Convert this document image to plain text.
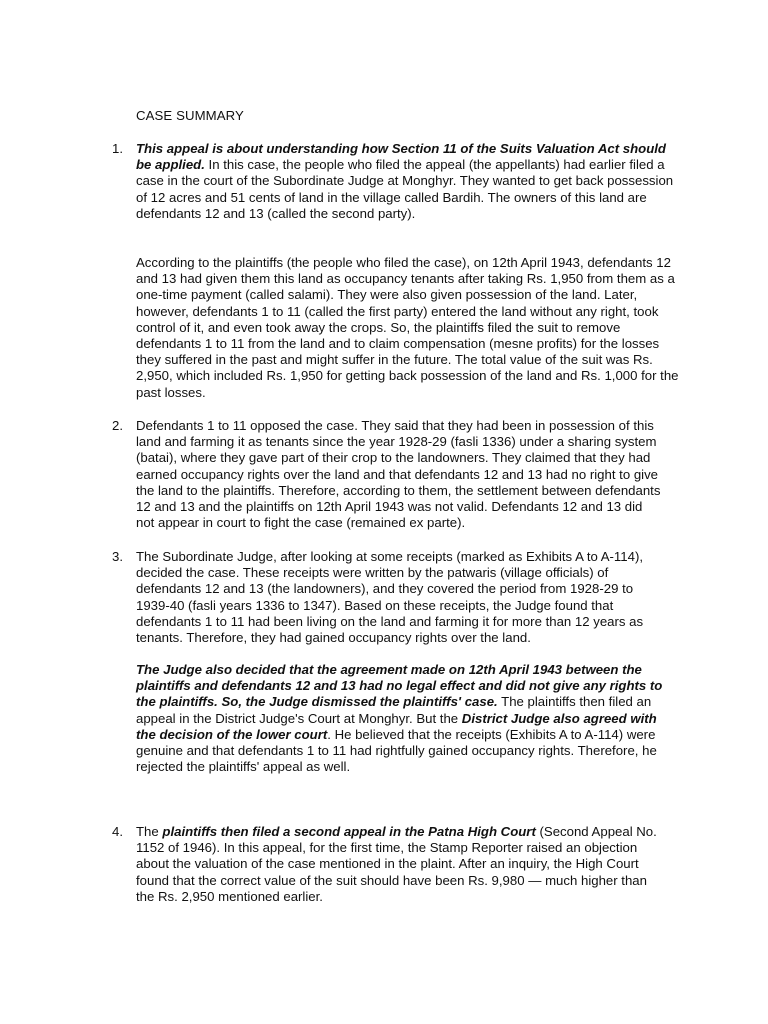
CASE SUMMARY
1. This appeal is about understanding how Section 11 of the Suits Valuation Act should be applied. In this case, the people who filed the appeal (the appellants) had earlier filed a case in the court of the Subordinate Judge at Monghyr. They wanted to get back possession of 12 acres and 51 cents of land in the village called Bardih. The owners of this land are defendants 12 and 13 (called the second party).
According to the plaintiffs (the people who filed the case), on 12th April 1943, defendants 12 and 13 had given them this land as occupancy tenants after taking Rs. 1,950 from them as a one-time payment (called salami). They were also given possession of the land. Later, however, defendants 1 to 11 (called the first party) entered the land without any right, took control of it, and even took away the crops. So, the plaintiffs filed the suit to remove defendants 1 to 11 from the land and to claim compensation (mesne profits) for the losses they suffered in the past and might suffer in the future. The total value of the suit was Rs. 2,950, which included Rs. 1,950 for getting back possession of the land and Rs. 1,000 for the past losses.
2. Defendants 1 to 11 opposed the case. They said that they had been in possession of this land and farming it as tenants since the year 1928-29 (fasli 1336) under a sharing system (batai), where they gave part of their crop to the landowners. They claimed that they had earned occupancy rights over the land and that defendants 12 and 13 had no right to give the land to the plaintiffs. Therefore, according to them, the settlement between defendants 12 and 13 and the plaintiffs on 12th April 1943 was not valid. Defendants 12 and 13 did not appear in court to fight the case (remained ex parte).
3. The Subordinate Judge, after looking at some receipts (marked as Exhibits A to A-114), decided the case. These receipts were written by the patwaris (village officials) of defendants 12 and 13 (the landowners), and they covered the period from 1928-29 to 1939-40 (fasli years 1336 to 1347). Based on these receipts, the Judge found that defendants 1 to 11 had been living on the land and farming it for more than 12 years as tenants. Therefore, they had gained occupancy rights over the land.
The Judge also decided that the agreement made on 12th April 1943 between the plaintiffs and defendants 12 and 13 had no legal effect and did not give any rights to the plaintiffs. So, the Judge dismissed the plaintiffs' case. The plaintiffs then filed an appeal in the District Judge's Court at Monghyr. But the District Judge also agreed with the decision of the lower court. He believed that the receipts (Exhibits A to A-114) were genuine and that defendants 1 to 11 had rightfully gained occupancy rights. Therefore, he rejected the plaintiffs' appeal as well.
4. The plaintiffs then filed a second appeal in the Patna High Court (Second Appeal No. 1152 of 1946). In this appeal, for the first time, the Stamp Reporter raised an objection about the valuation of the case mentioned in the plaint. After an inquiry, the High Court found that the correct value of the suit should have been Rs. 9,980 — much higher than the Rs. 2,950 mentioned earlier.
